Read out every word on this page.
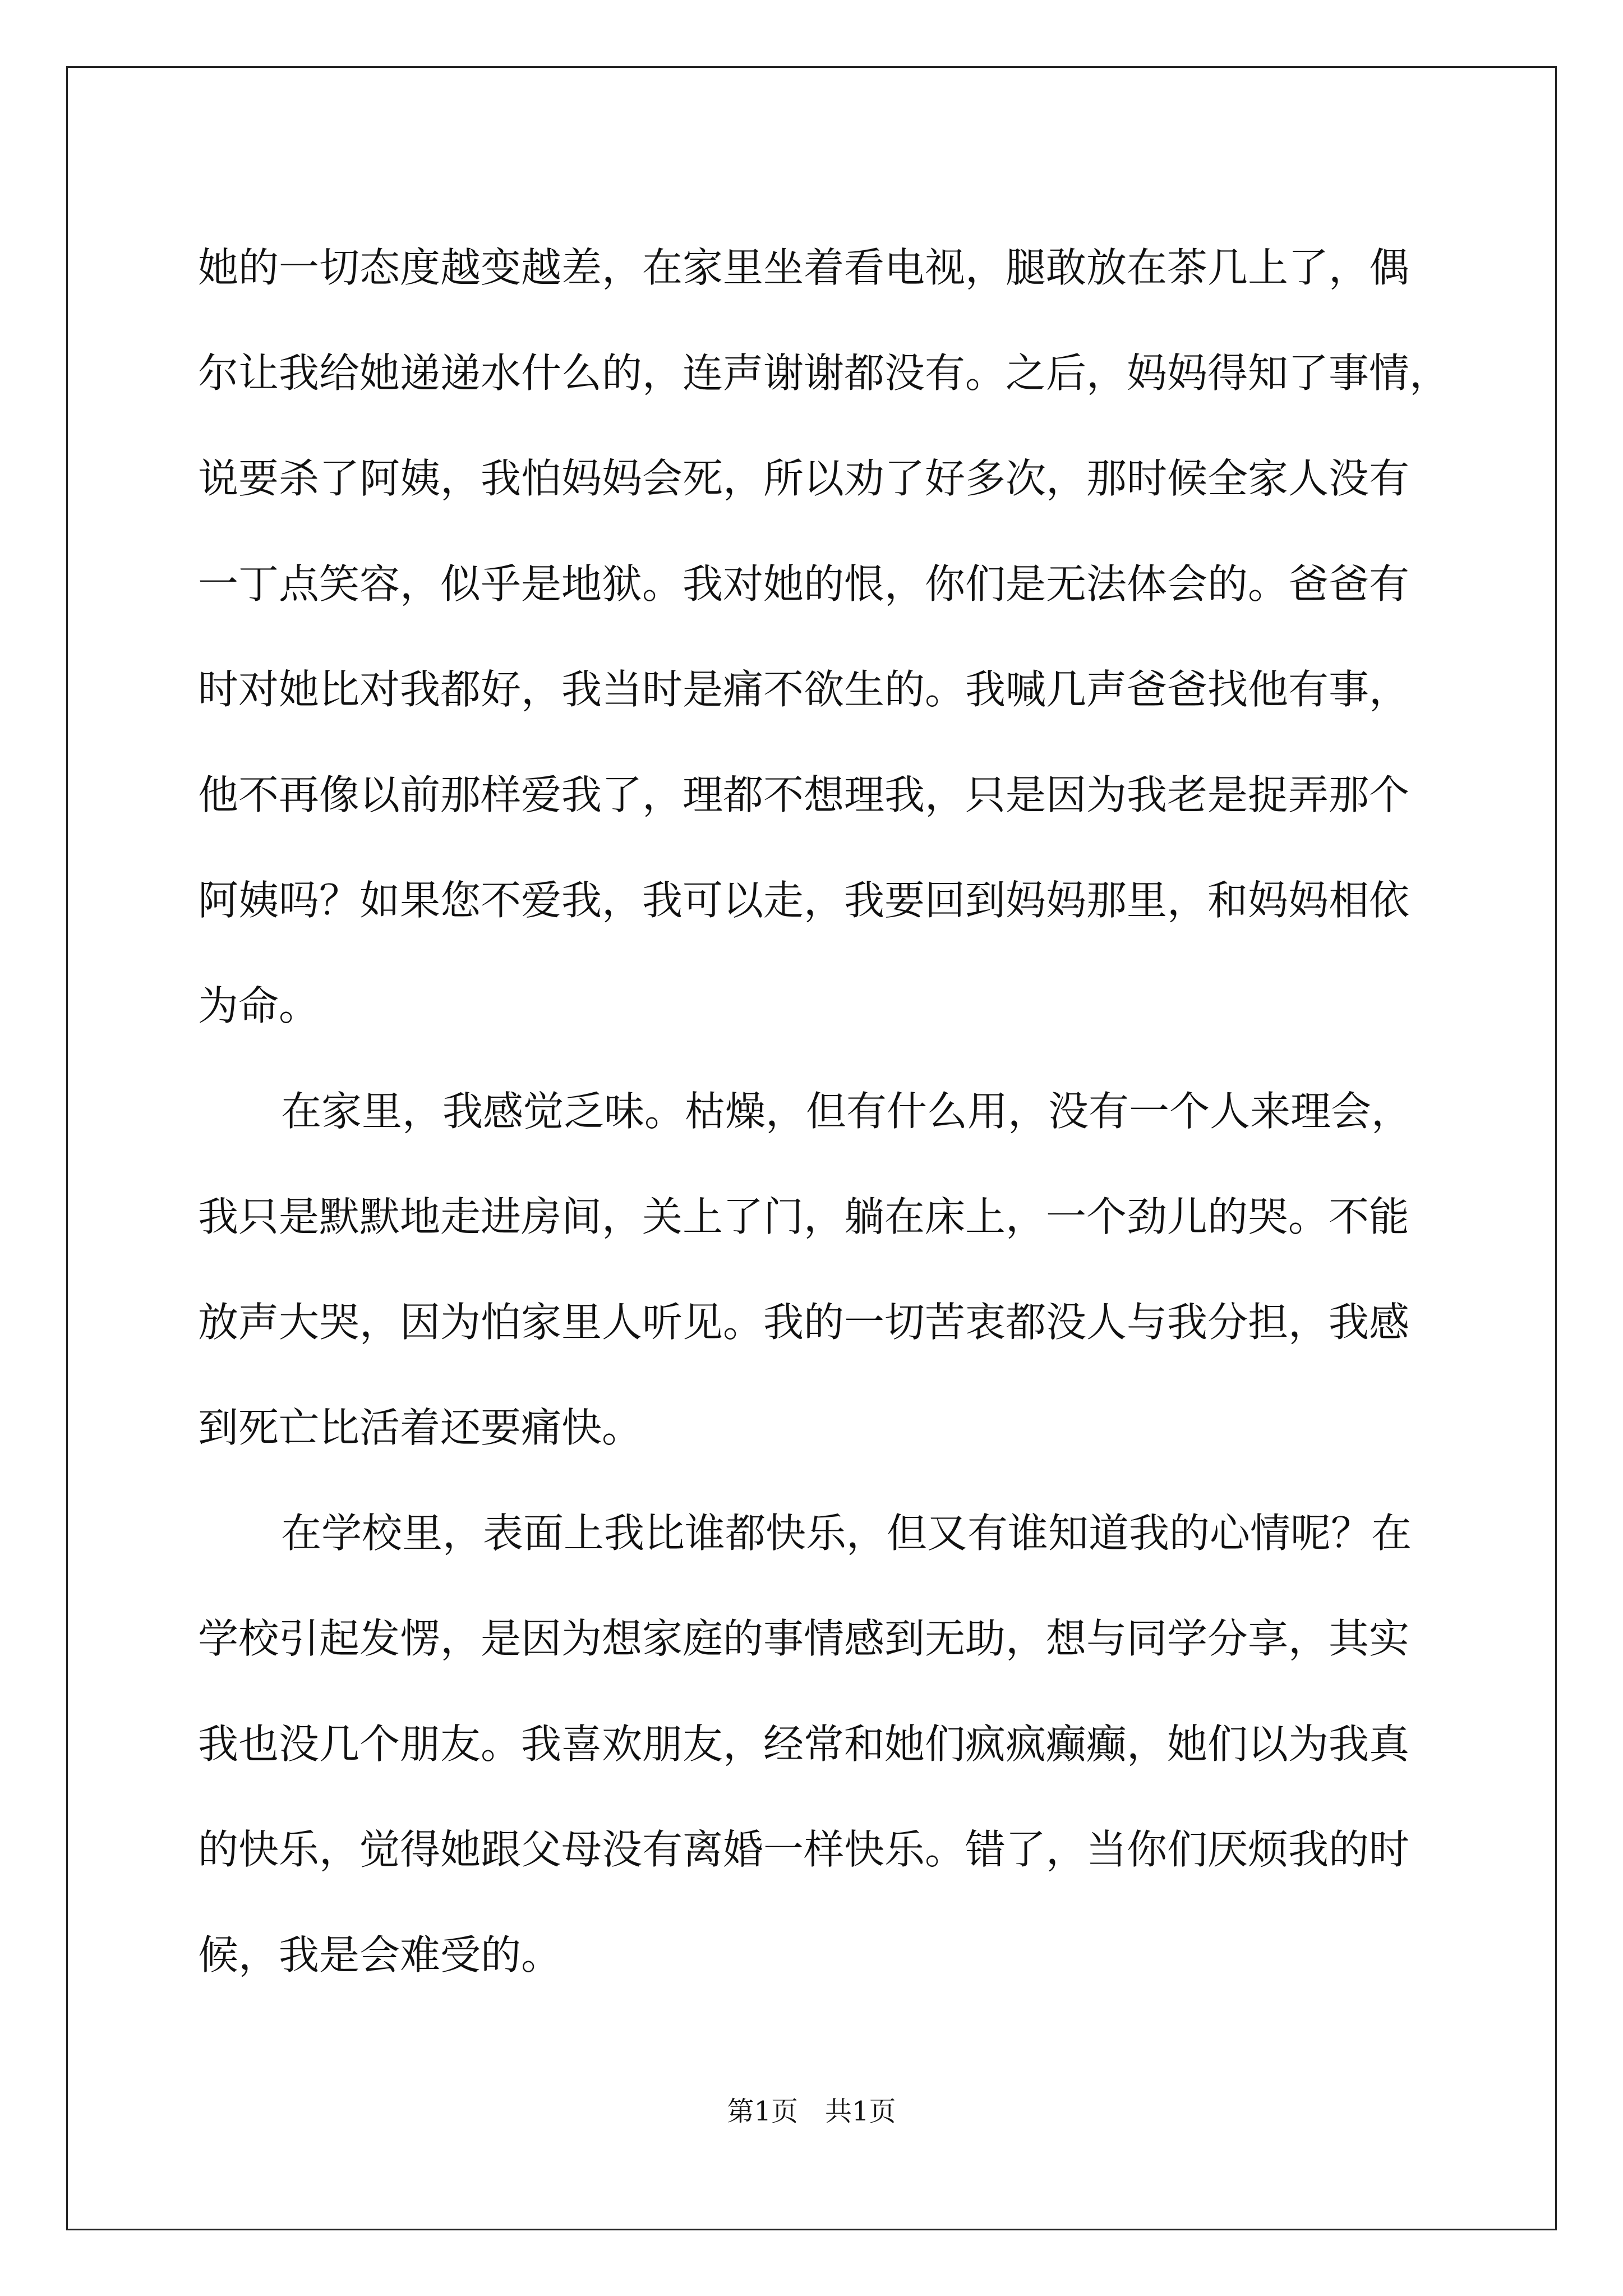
她的一切态度越变越差，在家里坐着看电视，腿敢放在茶几上了，偶
尔让我给她递递水什么的，连声谢谢都没有。之后，妈妈得知了事情，
说要杀了阿姨，我怕妈妈会死，所以劝了好多次，那时候全家人没有
一丁点笑容，似乎是地狱。我对她的恨，你们是无法体会的。爸爸有
时对她比对我都好，我当时是痛不欲生的。我喊几声爸爸找他有事，
他不再像以前那样爱我了，理都不想理我，只是因为我老是捉弄那个
阿姨吗？如果您不爱我，我可以走，我要回到妈妈那里，和妈妈相依
为命。
在家里，我感觉乏味。枯燥，但有什么用，没有一个人来理会，
我只是默默地走进房间，关上了门，躺在床上，一个劲儿的哭。不能
放声大哭，因为怕家里人听见。我的一切苦衷都没人与我分担，我感
到死亡比活着还要痛快。
在学校里，表面上我比谁都快乐，但又有谁知道我的心情呢？在
学校引起发愣，是因为想家庭的事情感到无助，想与同学分享，其实
我也没几个朋友。我喜欢朋友，经常和她们疯疯癫癫，她们以为我真
的快乐，觉得她跟父母没有离婚一样快乐。错了，当你们厌烦我的时
候，我是会难受的。
第1页　共1页
